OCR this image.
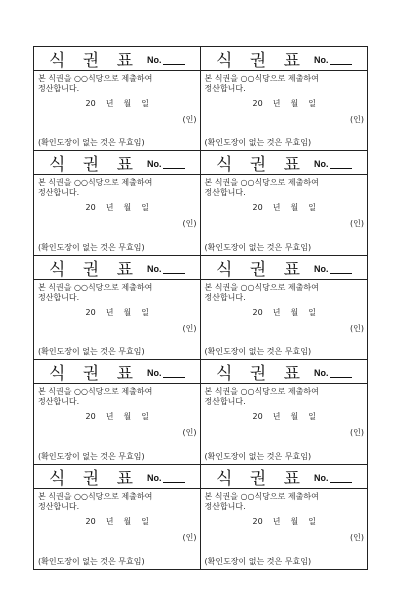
식 권 표 No.
본 식권을 ○○식당으로 제출하여
정산합니다.
20 년 월 일
(인)
(확인도장이 없는 것은 무효임)
식 권 표 No.
본 식권을 ○○식당으로 제출하여
정산합니다.
20 년 월 일
(인)
(확인도장이 없는 것은 무효임)
식 권 표 No.
본 식권을 ○○식당으로 제출하여
정산합니다.
20 년 월 일
(인)
(확인도장이 없는 것은 무효임)
식 권 표 No.
본 식권을 ○○식당으로 제출하여
정산합니다.
20 년 월 일
(인)
(확인도장이 없는 것은 무효임)
식 권 표 No.
본 식권을 ○○식당으로 제출하여
정산합니다.
20 년 월 일
(인)
(확인도장이 없는 것은 무효임)
식 권 표 No.
본 식권을 ○○식당으로 제출하여
정산합니다.
20 년 월 일
(인)
(확인도장이 없는 것은 무효임)
식 권 표 No.
본 식권을 ○○식당으로 제출하여
정산합니다.
20 년 월 일
(인)
(확인도장이 없는 것은 무효임)
식 권 표 No.
본 식권을 ○○식당으로 제출하여
정산합니다.
20 년 월 일
(인)
(확인도장이 없는 것은 무효임)
식 권 표 No.
본 식권을 ○○식당으로 제출하여
정산합니다.
20 년 월 일
(인)
(확인도장이 없는 것은 무효임)
식 권 표 No.
본 식권을 ○○식당으로 제출하여
정산합니다.
20 년 월 일
(인)
(확인도장이 없는 것은 무효임)
